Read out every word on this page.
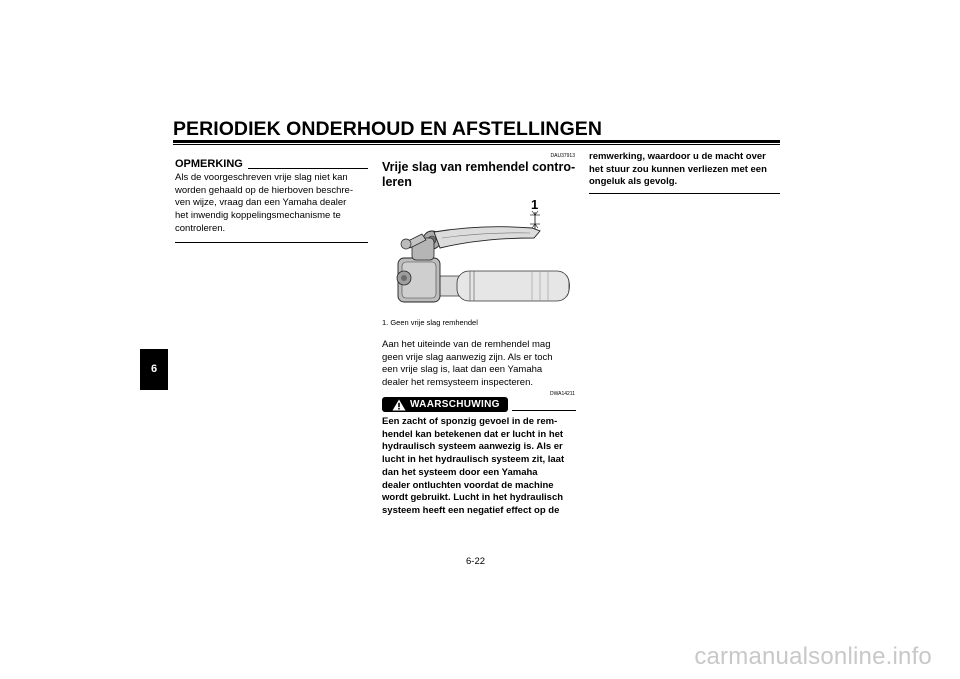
PERIODIEK ONDERHOUD EN AFSTELLINGEN
6
OPMERKING
Als de voorgeschreven vrije slag niet kan
worden gehaald op de hierboven beschre-
ven wijze, vraag dan een Yamaha dealer
het inwendig koppelingsmechanisme te
controleren.
DAU37913
Vrije slag van remhendel contro-
leren
1
1. Geen vrije slag remhendel
Aan het uiteinde van de remhendel mag
geen vrije slag aanwezig zijn. Als er toch
een vrije slag is, laat dan een Yamaha
dealer het remsysteem inspecteren.
DWA14211
WAARSCHUWING
Een zacht of sponzig gevoel in de rem-
hendel kan betekenen dat er lucht in het
hydraulisch systeem aanwezig is. Als er
lucht in het hydraulisch systeem zit, laat
dan het systeem door een Yamaha
dealer ontluchten voordat de machine
wordt gebruikt. Lucht in het hydraulisch
systeem heeft een negatief effect op de
remwerking, waardoor u de macht over
het stuur zou kunnen verliezen met een
ongeluk als gevolg.
6-22
carmanualsonline.info
